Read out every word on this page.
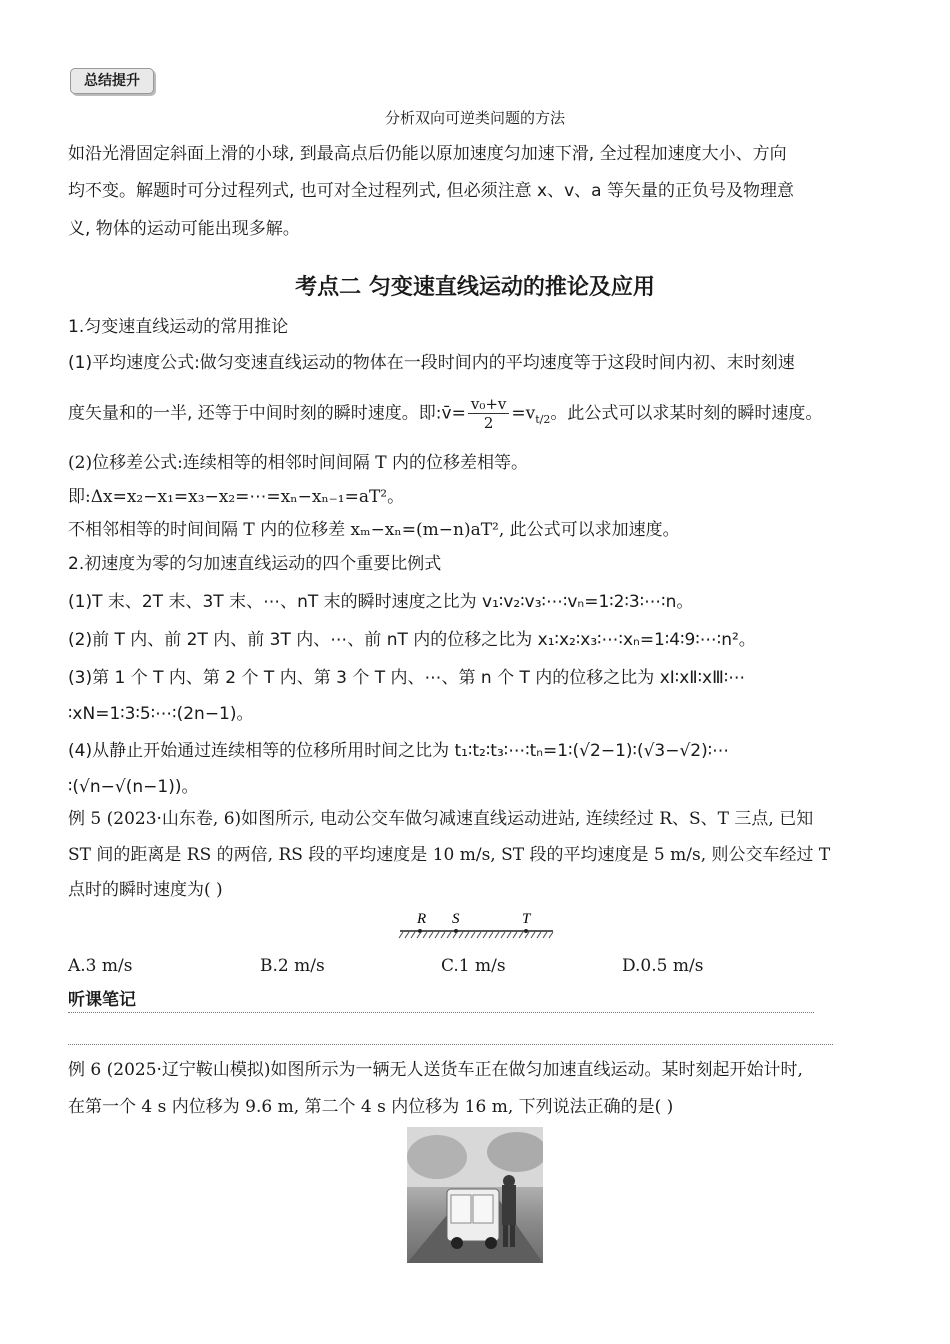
总结提升
分析双向可逆类问题的方法
如沿光滑固定斜面上滑的小球, 到最高点后仍能以原加速度匀加速下滑, 全过程加速度大小、方向
均不变。解题时可分过程列式, 也可对全过程列式, 但必须注意 x、v、a 等矢量的正负号及物理意
义, 物体的运动可能出现多解。
考点二 匀变速直线运动的推论及应用
1.匀变速直线运动的常用推论
(1)平均速度公式:做匀变速直线运动的物体在一段时间内的平均速度等于这段时间内初、末时刻速
度矢量和的一半, 还等于中间时刻的瞬时速度。即:v̄= $\frac{\text{v₀+v}}{2} =v_{t/2}$。此公式可以求某时刻的瞬时速度。
(2)位移差公式:连续相等的相邻时间间隔 T 内的位移差相等。
即:Δx=x₂−x₁=x₃−x₂=⋯=xₙ−xₙ₋₁=aT²。
不相邻相等的时间间隔 T 内的位移差 xₘ−xₙ=(m−n)aT², 此公式可以求加速度。
2.初速度为零的匀加速直线运动的四个重要比例式
(1)T 末、2T 末、3T 末、⋯、nT 末的瞬时速度之比为 v₁∶v₂∶v₃∶⋯∶vₙ=1∶2∶3∶⋯∶n。
(2)前 T 内、前 2T 内、前 3T 内、⋯、前 nT 内的位移之比为 x₁∶x₂∶x₃∶⋯∶xₙ=1∶4∶9∶⋯∶n²。
(3)第 1 个 T 内、第 2 个 T 内、第 3 个 T 内、⋯、第 n 个 T 内的位移之比为 xⅠ∶xⅡ∶xⅢ∶⋯
∶xN=1∶3∶5∶⋯∶(2n−1)。
(4)从静止开始通过连续相等的位移所用时间之比为 t₁∶t₂∶t₃∶⋯∶tₙ=1∶(√2−1)∶(√3−√2)∶⋯
∶(√n−√(n−1))。
例 5 (2023·山东卷, 6)如图所示, 电动公交车做匀减速直线运动进站, 连续经过 R、S、T 三点, 已知
ST 间的距离是 RS 的两倍, RS 段的平均速度是 10 m/s, ST 段的平均速度是 5 m/s, 则公交车经过 T
点时的瞬时速度为( )
R S	T
A.3 m/s	B.2 m/s	C.1 m/s	D.0.5 m/s
听课笔记
例 6 (2025·辽宁鞍山模拟)如图所示为一辆无人送货车正在做匀加速直线运动。某时刻起开始计时,
在第一个 4 s 内位移为 9.6 m, 第二个 4 s 内位移为 16 m, 下列说法正确的是( )
